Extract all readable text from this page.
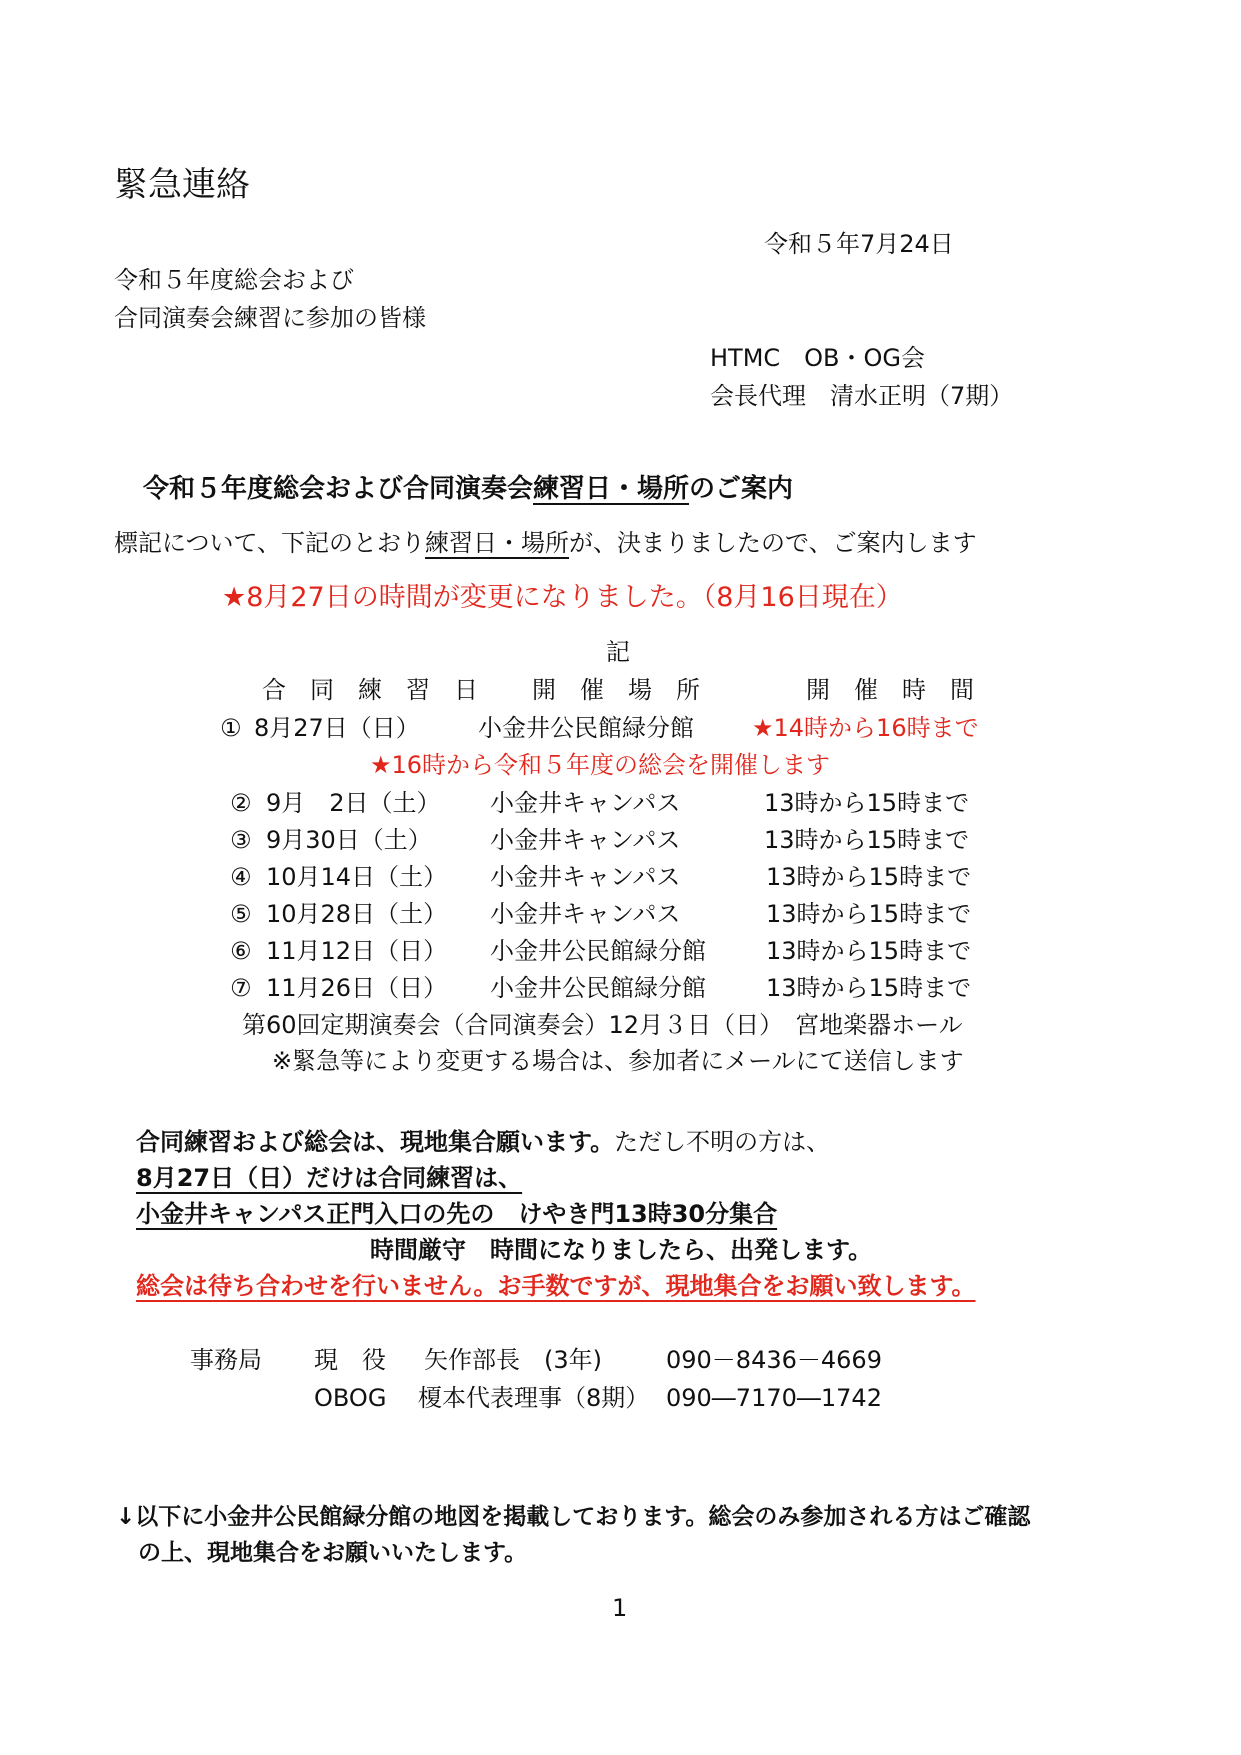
緊急連絡
令和５年7月24日
令和５年度総会および
合同演奏会練習に参加の皆様
HTMC　OB・OG会
会長代理　清水正明（7期）
令和５年度総会および合同演奏会練習日・場所のご案内
標記について、下記のとおり練習日・場所が、決まりましたので、ご案内します
★8月27日の時間が変更になりました。（8月16日現在）
記
合　同　練　習　日 開　催　場　所	開　催　時　間
① 8月27日（日） 小金井公民館緑分館 ★14時から16時まで
★16時から令和５年度の総会を開催します
② 9月　2日（土） 小金井キャンパス	13時から15時まで
③ 9月30日（土） 小金井キャンパス	13時から15時まで
④ 10月14日（土） 小金井キャンパス	13時から15時まで
⑤ 10月28日（土） 小金井キャンパス	13時から15時まで
⑥ 11月12日（日） 小金井公民館緑分館	13時から15時まで
⑦ 11月26日（日） 小金井公民館緑分館	13時から15時まで
第60回定期演奏会（合同演奏会）12月３日（日）　宮地楽器ホール
※緊急等により変更する場合は、参加者にメールにて送信します
合同練習および総会は、現地集合願います。ただし不明の方は、
8月27日（日）だけは合同練習は、
小金井キャンパス正門入口の先の　けやき門13時30分集合
時間厳守　時間になりましたら、出発します。
総会は待ち合わせを行いません。お手数ですが、現地集合をお願い致します。
事務局 現　役 矢作部長　(3年)	090－8436－4669
OBOG 榎本代表理事（8期） 090―7170―1742
↓以下に小金井公民館緑分館の地図を掲載しております。総会のみ参加される方はご確認
の上、現地集合をお願いいたします。
1
